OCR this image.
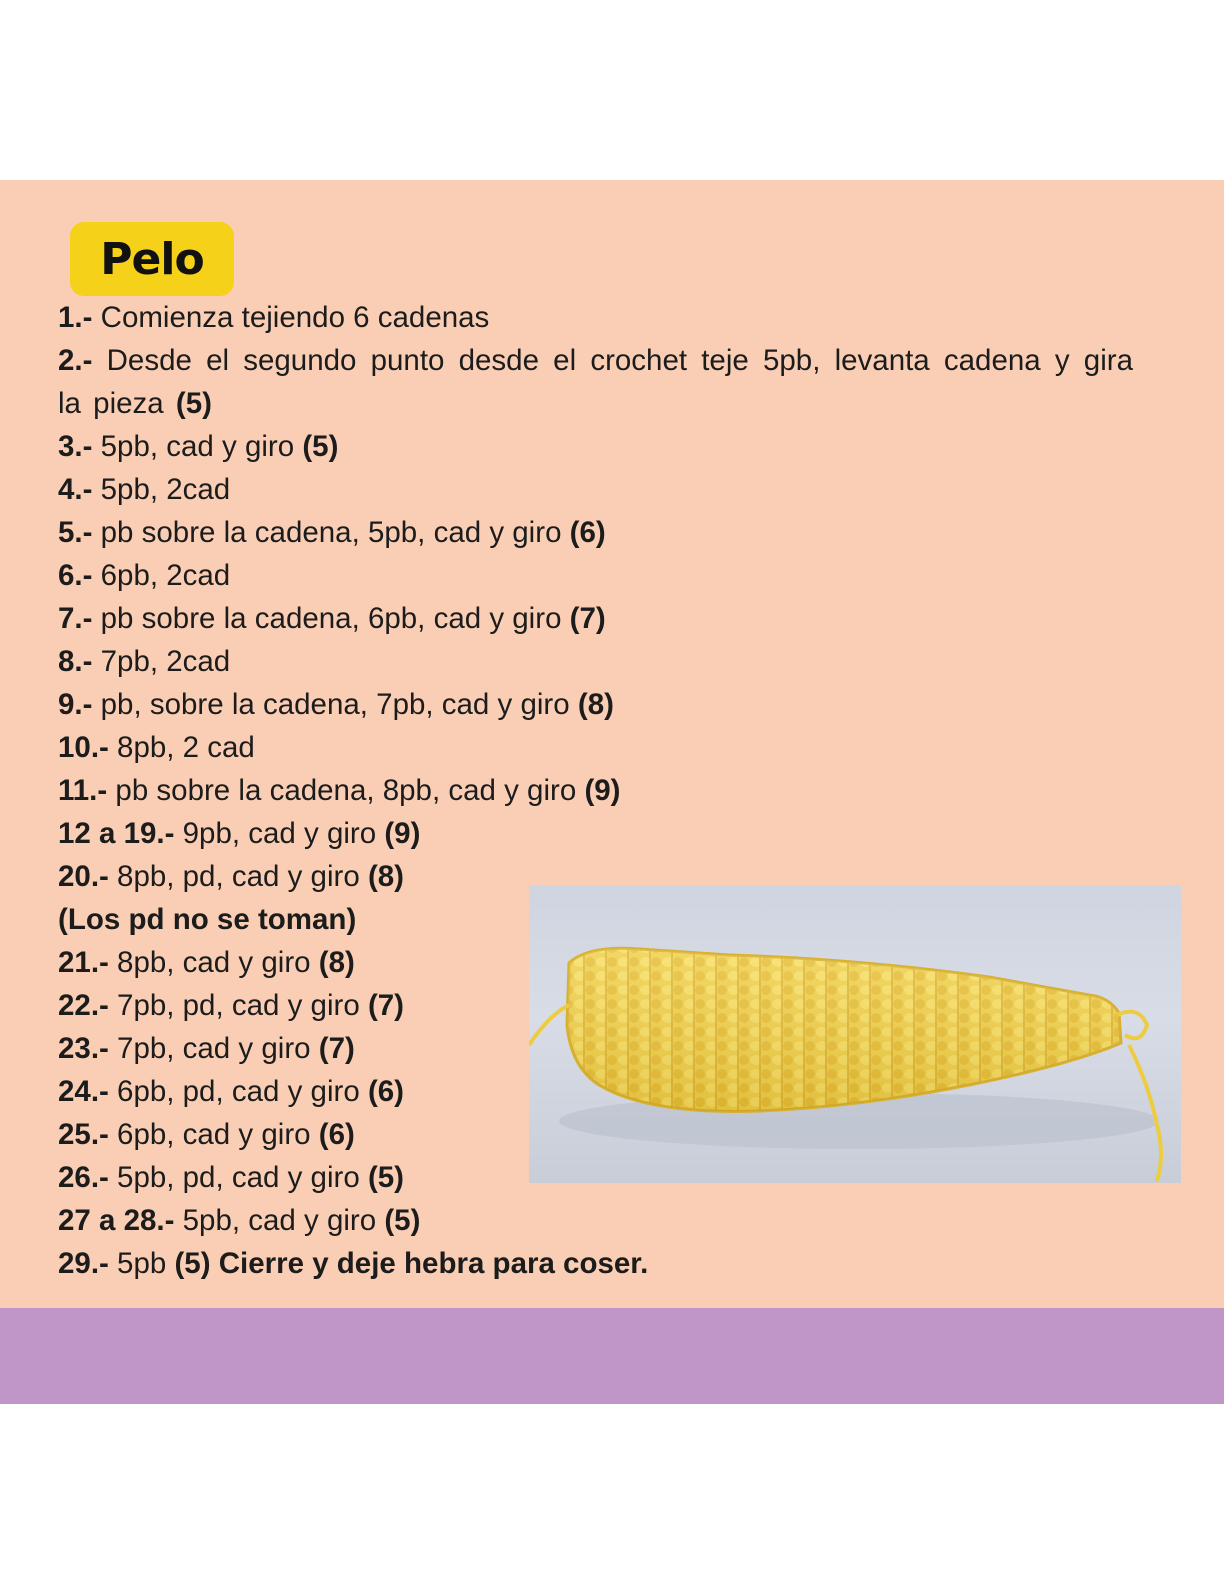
Pelo
1.- Comienza tejiendo 6 cadenas
2.- Desde el segundo punto desde el crochet teje 5pb, levanta cadena y gira la pieza (5)
3.- 5pb, cad y giro (5)
4.- 5pb, 2cad
5.- pb sobre la cadena, 5pb, cad y giro (6)
6.- 6pb, 2cad
7.- pb sobre la cadena, 6pb, cad y giro (7)
8.- 7pb, 2cad
9.- pb, sobre la cadena, 7pb, cad y giro (8)
10.- 8pb, 2 cad
11.- pb sobre la cadena, 8pb, cad y giro (9)
12 a 19.- 9pb, cad y giro (9)
20.- 8pb, pd, cad y giro (8)
(Los pd no se toman)
21.- 8pb, cad y giro (8)
22.- 7pb, pd, cad y giro (7)
23.- 7pb, cad y giro (7)
24.- 6pb, pd, cad y giro (6)
25.- 6pb, cad y giro (6)
26.- 5pb, pd, cad y giro (5)
27 a 28.- 5pb, cad y giro (5)
29.- 5pb (5) Cierre y deje hebra para coser.
